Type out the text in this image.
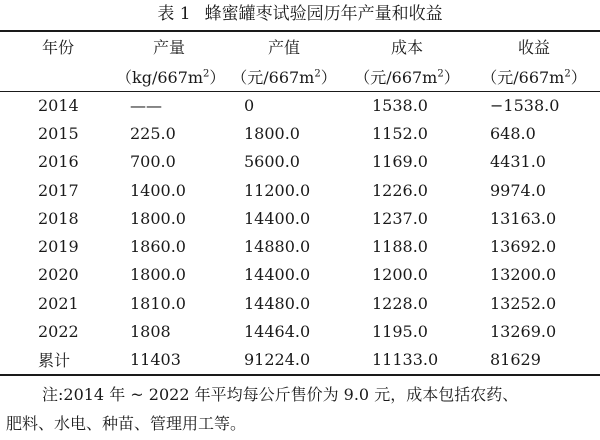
表 1 蜂蜜罐枣试验园历年产量和收益
年份	产量	产值	成本	收益
	$(kg/667m^2)$	（元$/667m^2$）	（元$/667m^2$）	（元$/667m^2$）
2014	——	0	1538.0	−1538.0
2015	225.0	1800.0	1152.0	648.0
2016	700.0	5600.0	1169.0	4431.0
2017	1400.0	11200.0	1226.0	9974.0
2018	1800.0	14400.0	1237.0	13163.0
2019	1860.0	14880.0	1188.0	13692.0
2020	1800.0	14400.0	1200.0	13200.0
2021	1810.0	14480.0	1228.0	13252.0
2022	1808	14464.0	1195.0	13269.0
累计	11403	91224.0	11133.0	81629
注:2014 年 ~ 2022 年平均每公斤售价为 9.0 元，成本包括农药、
肥料、水电、种苗、管理用工等。
